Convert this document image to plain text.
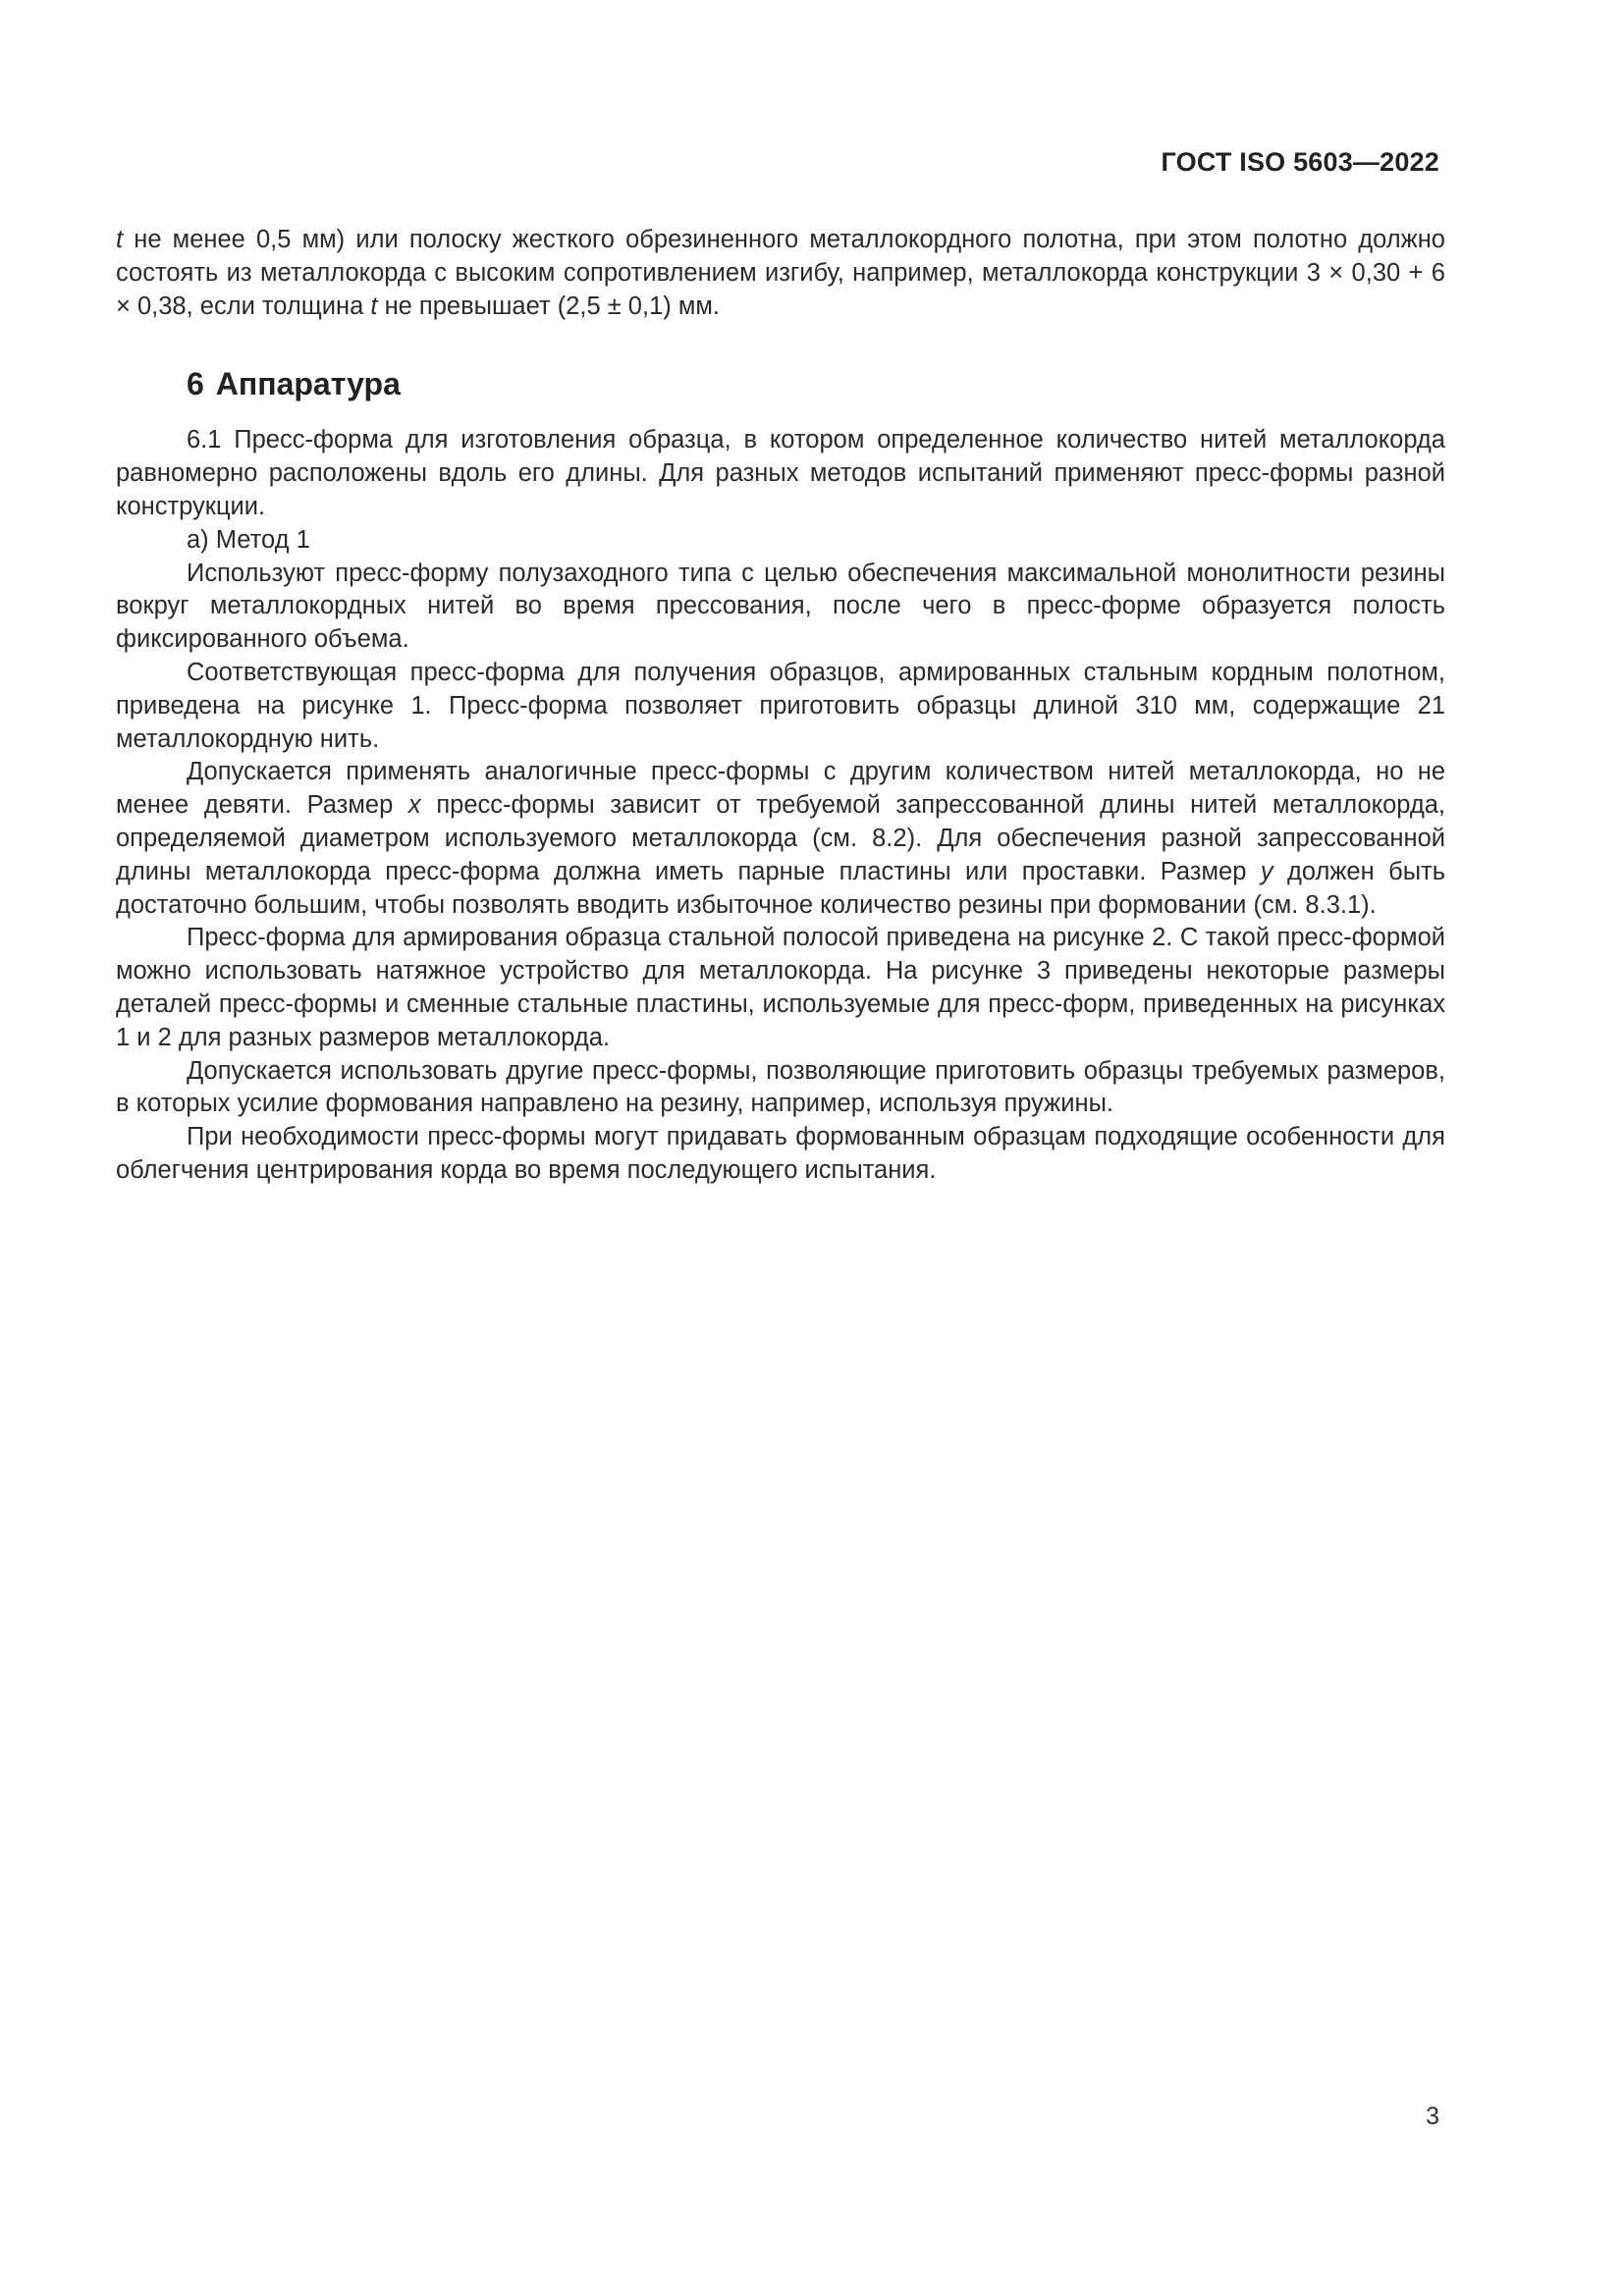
ГОСТ ISO 5603—2022

t не менее 0,5 мм) или полоску жесткого обрезиненного металлокордного полотна, при этом полотно должно состоять из металлокорда с высоким сопротивлением изгибу, например, металлокорда конструкции 3 × 0,30 + 6 × 0,38, если толщина t не превышает (2,5 ± 0,1) мм.

6 Аппаратура

6.1 Пресс-форма для изготовления образца, в котором определенное количество нитей металлокорда равномерно расположены вдоль его длины. Для разных методов испытаний применяют пресс-формы разной конструкции.

а) Метод 1

Используют пресс-форму полузаходного типа с целью обеспечения максимальной монолитности резины вокруг металлокордных нитей во время прессования, после чего в пресс-форме образуется полость фиксированного объема.

Соответствующая пресс-форма для получения образцов, армированных стальным кордным полотном, приведена на рисунке 1. Пресс-форма позволяет приготовить образцы длиной 310 мм, содержащие 21 металлокордную нить.

Допускается применять аналогичные пресс-формы с другим количеством нитей металлокорда, но не менее девяти. Размер x пресс-формы зависит от требуемой запрессованной длины нитей металлокорда, определяемой диаметром используемого металлокорда (см. 8.2). Для обеспечения разной запрессованной длины металлокорда пресс-форма должна иметь парные пластины или проставки. Размер y должен быть достаточно большим, чтобы позволять вводить избыточное количество резины при формовании (см. 8.3.1).

Пресс-форма для армирования образца стальной полосой приведена на рисунке 2. С такой пресс-формой можно использовать натяжное устройство для металлокорда. На рисунке 3 приведены некоторые размеры деталей пресс-формы и сменные стальные пластины, используемые для пресс-форм, приведенных на рисунках 1 и 2 для разных размеров металлокорда.

Допускается использовать другие пресс-формы, позволяющие приготовить образцы требуемых размеров, в которых усилие формования направлено на резину, например, используя пружины.

При необходимости пресс-формы могут придавать формованным образцам подходящие особенности для облегчения центрирования корда во время последующего испытания.

3
